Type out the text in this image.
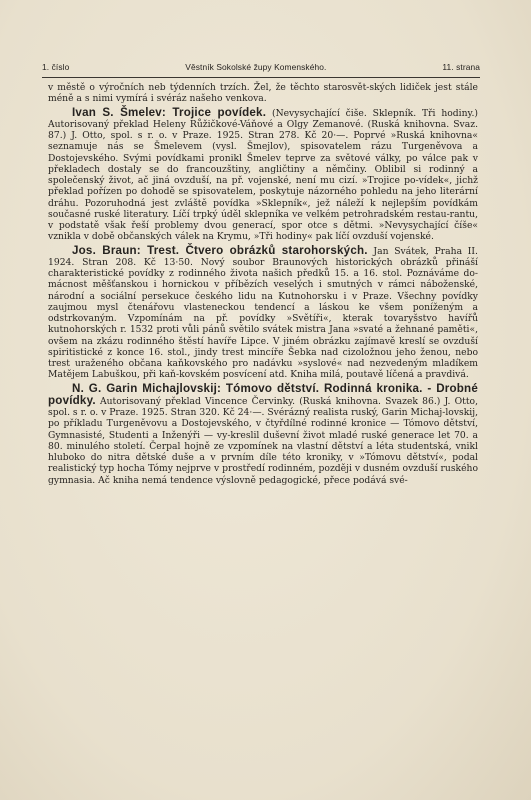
1. číslo	Věstník Sokolské župy Komenského.	11. strana

v městě o výročních neb týdenních trzích. Žel, že těchto starosvět-ských lidiček jest stále méně a s nimi vymírá i svéráz našeho venkova.

Ivan S. Šmelev: Trojice povídek. (Nevysychající čiše. Sklepník. Tři hodiny.) Autorisovaný překlad Heleny Růžičkové-Váňové a Olgy Zemanové. (Ruská knihovna. Svaz. 87.) J. Otto, spol. s r. o. v Praze. 1925. Stran 278. Kč 20·—. Poprvé »Ruská knihovna« seznamuje nás se Šmelevem (vysl. Šmejlov), spisovatelem rázu Turgeněvova a Dostojevského. Svými povídkami pronikl Šmelev teprve za světové války, po válce pak v překladech dostaly se do francouzštiny, angličtiny a němčiny. Oblibil si rodinný a společenský život, ač jiná ovzduší, na př. vojenské, není mu cizí. »Trojice po-vídek«, jichž překlad pořízen po dohodě se spisovatelem, poskytuje názorného pohledu na jeho literární dráhu. Pozoruhodná jest zvláště povídka »Sklepník«, jež náleží k nejlepším povídkám současné ruské literatury. Líčí trpký úděl sklepníka ve velkém petrohradském restau-rantu, v podstatě však řeší problemy dvou generací, spor otce s dětmi. »Nevysychající číše« vznikla v době občanských válek na Krymu, »Tři hodiny« pak líčí ovzduší vojenské.

Jos. Braun: Trest. Čtvero obrázků starohorských. Jan Svátek, Praha II. 1924. Stran 208. Kč 13·50. Nový soubor Braunových historických obrázků přináší charakteristické povídky z rodinného života našich předků 15. a 16. stol. Poznáváme do-mácnost měšťanskou i hornickou v příbězích veselých i smutných v rámci náboženské, národní a sociální persekuce českého lidu na Kutnohorsku i v Praze. Všechny povídky zaujmou mysl čtenářovu vlasteneckou tendencí a láskou ke všem poníženým a odstrkovaným. Vzpomínám na př. povídky »Světíři«, kterak tovaryšstvo havířů kutnohorských r. 1532 proti vůli pánů světilo svátek mistra Jana »svaté a žehnané paměti«, ovšem na zkázu rodinného štěstí havíře Lipce. V jiném obrázku zajímavě kreslí se ovzduší spiritistické z konce 16. stol., jindy trest mincíře Šebka nad cizoložnou jeho ženou, nebo trest uraženého občana kaňkovského pro nadávku »syslové« nad nezvedeným mladíkem Matějem Labuškou, při kaň-kovském posvícení atd. Kniha milá, poutavě líčená a pravdivá.

N. G. Garin Michajlovskij: Tómovo dětství. Rodinná kronika. - Drobné povídky. Autorisovaný překlad Vincence Červinky. (Ruská knihovna. Svazek 86.) J. Otto, spol. s r. o. v Praze. 1925. Stran 320. Kč 24·—. Svérázný realista ruský, Garin Michaj-lovskij, po příkladu Turgeněvovu a Dostojevského, v čtyřdílné rodinné kronice — Tómovo dětství, Gymnasisté, Studenti a Inženýři — vy-kreslil duševní život mladé ruské generace let 70. a 80. minulého století. Čerpal hojně ze vzpomínek na vlastní dětství a léta studentská, vnikl hluboko do nitra dětské duše a v prvním díle této kroniky, v »Tómovu dětství«, podal realistický typ hocha Tómy nejprve v prostředí rodinném, později v dusném ovzduší ruského gymnasia. Ač kniha nemá tendence výslovně pedagogické, přece podává své-
